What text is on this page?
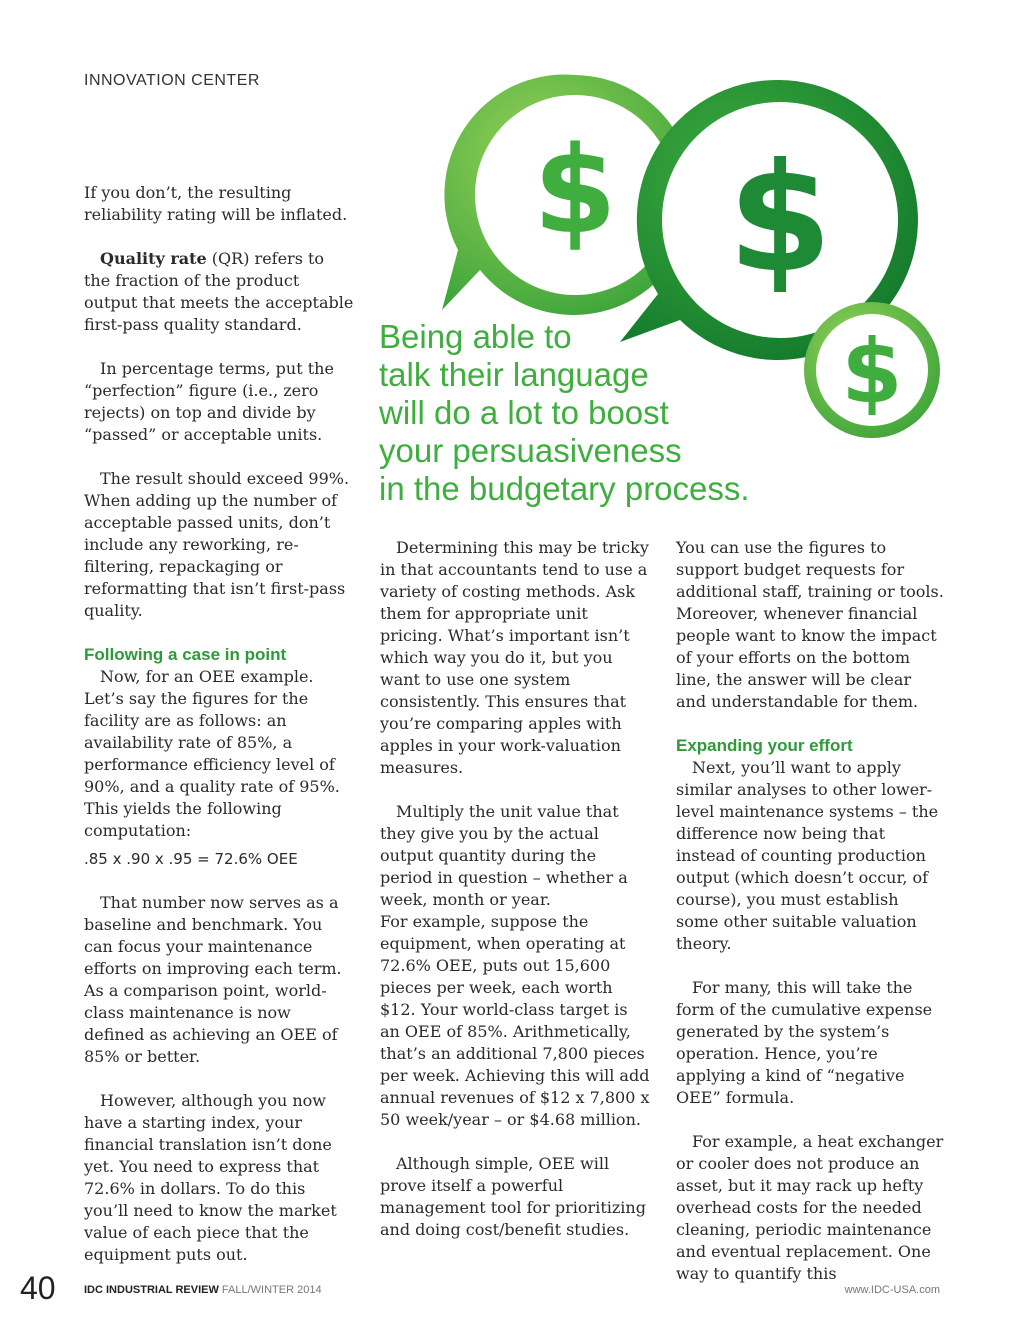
INNOVATION CENTER
$ $
$
Being able to
talk their language
will do a lot to boost
your persuasiveness
in the budgetary process.

If you don’t, the resulting reliability rating will be inflated.

Quality rate (QR) refers to the fraction of the product output that meets the acceptable first-pass quality standard.

In percentage terms, put the “perfection” figure (i.e., zero rejects) on top and divide by “passed” or acceptable units.

The result should exceed 99%. When adding up the number of acceptable passed units, don’t include any reworking, re-filtering, repackaging or reformatting that isn’t first-pass quality.

Following a case in point

Now, for an OEE example. Let’s say the figures for the facility are as follows: an availability rate of 85%, a performance efficiency level of 90%, and a quality rate of 95%. This yields the following computation:

.85 x .90 x .95 = 72.6% OEE

That number now serves as a baseline and benchmark. You can focus your maintenance efforts on improving each term. As a comparison point, world-class maintenance is now defined as achieving an OEE of 85% or better.

However, although you now have a starting index, your financial translation isn’t done yet. You need to express that 72.6% in dollars. To do this you’ll need to know the market value of each piece that the equipment puts out.

Determining this may be tricky in that accountants tend to use a variety of costing methods. Ask them for appropriate unit pricing. What’s important isn’t which way you do it, but you want to use one system consistently. This ensures that you’re comparing apples with apples in your work-valuation measures.

Multiply the unit value that they give you by the actual output quantity during the period in question – whether a week, month or year.

For example, suppose the equipment, when operating at 72.6% OEE, puts out 15,600 pieces per week, each worth $12. Your world-class target is an OEE of 85%. Arithmetically, that’s an additional 7,800 pieces per week. Achieving this will add annual revenues of $12 x 7,800 x 50 week/year – or $4.68 million.

Although simple, OEE will prove itself a powerful management tool for prioritizing and doing cost/benefit studies.

You can use the figures to support budget requests for additional staff, training or tools. Moreover, whenever financial people want to know the impact of your efforts on the bottom line, the answer will be clear and understandable for them.

Expanding your effort

Next, you’ll want to apply similar analyses to other lower-level maintenance systems – the difference now being that instead of counting production output (which doesn’t occur, of course), you must establish some other suitable valuation theory.

For many, this will take the form of the cumulative expense generated by the system’s operation. Hence, you’re applying a kind of “negative OEE” formula.

For example, a heat exchanger or cooler does not produce an asset, but it may rack up hefty overhead costs for the needed cleaning, periodic maintenance and eventual replacement. One way to quantify this

40	IDC INDUSTRIAL REVIEW FALL/WINTER 2014	www.IDC-USA.com
